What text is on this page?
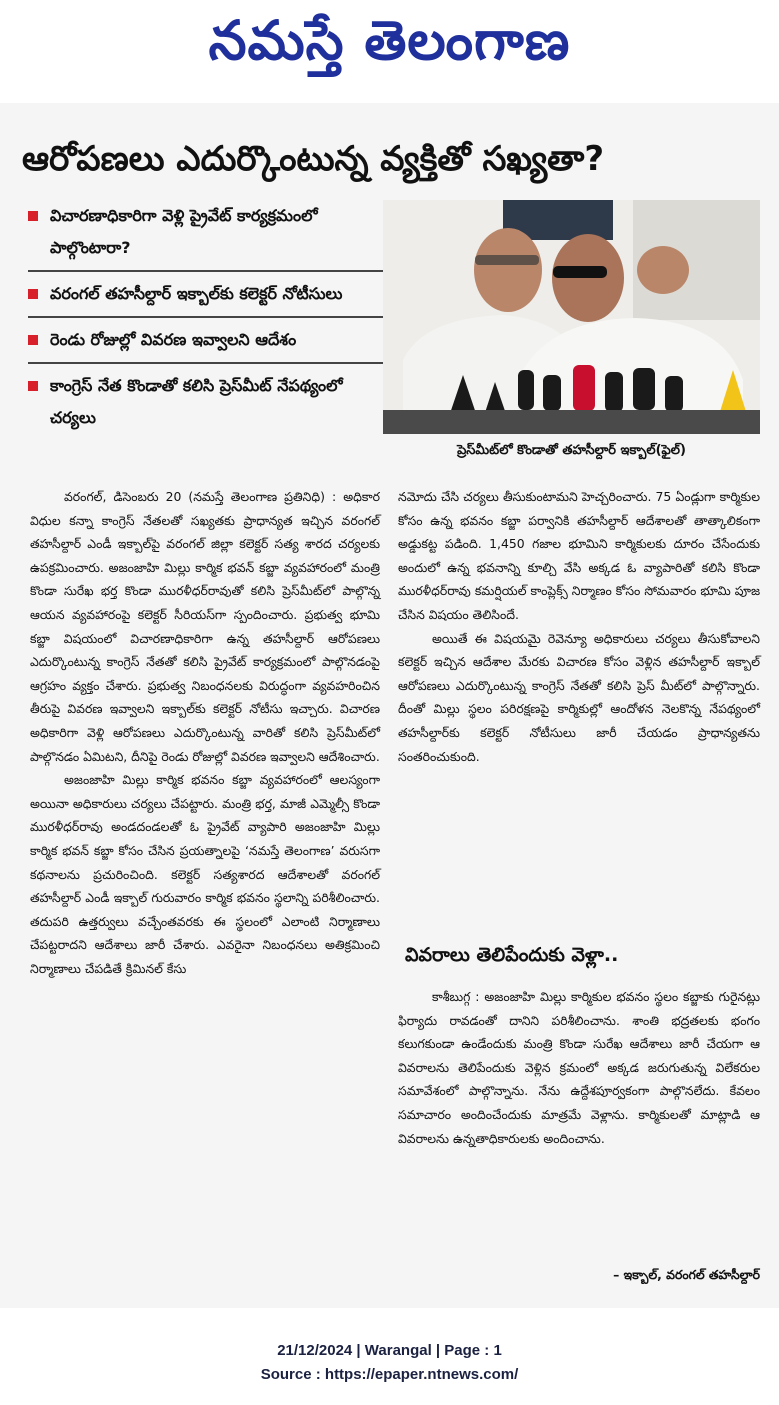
నమస్తే తెలంగాణ
ఆరోపణలు ఎదుర్కొంటున్న వ్యక్తితో సఖ్యతా?
విచారణాధికారిగా వెళ్లి ప్రైవేట్ కార్యక్రమంలో పాల్గొంటారా?
వరంగల్ తహసీల్దార్ ఇక్బాల్‌కు కలెక్టర్ నోటీసులు
రెండు రోజుల్లో వివరణ ఇవ్వాలని ఆదేశం
కాంగ్రెస్ నేత కొండాతో కలిసి ప్రెస్‌మీట్ నేపథ్యంలో చర్యలు
ప్రెస్‌మీట్‌లో కొండాతో తహసీల్దార్ ఇక్బాల్(ఫైల్)

వరంగల్, డిసెంబరు 20 (నమస్తే తెలంగాణ ప్రతినిధి) : అధికార విధుల కన్నా కాంగ్రెస్ నేతలతో సఖ్యతకు ప్రాధాన్యత ఇచ్చిన వరంగల్ తహసీల్దార్ ఎండీ ఇక్బాల్‌పై వరంగల్ జిల్లా కలెక్టర్ సత్య శారద చర్యలకు ఉపక్రమించారు. అజంజాహి మిల్లు కార్మిక భవన్ కబ్జా వ్యవహారంలో మంత్రి కొండా సురేఖ భర్త కొండా మురళీధర్‌రావుతో కలిసి ప్రెస్‌మీట్‌లో పాల్గొన్న ఆయన వ్యవహారంపై కలెక్టర్ సీరియస్‌గా స్పందించారు. ప్రభుత్వ భూమి కబ్జా విషయంలో విచారణాధికారిగా ఉన్న తహసీల్దార్ ఆరోపణలు ఎదుర్కొంటున్న కాంగ్రెస్ నేతతో కలిసి ప్రైవేట్ కార్యక్రమంలో పాల్గొనడంపై ఆగ్రహం వ్యక్తం చేశారు. ప్రభుత్వ నిబంధనలకు విరుద్ధంగా వ్యవహరించిన తీరుపై వివరణ ఇవ్వాలని ఇక్బాల్‌కు కలెక్టర్ నోటీసు ఇచ్చారు. విచారణ అధికారిగా వెళ్లి ఆరోపణలు ఎదుర్కొంటున్న వారితో కలిసి ప్రెస్‌మీట్‌లో పాల్గొనడం ఏమిటని, దీనిపై రెండు రోజుల్లో వివరణ ఇవ్వాలని ఆదేశించారు.

అజంజాహి మిల్లు కార్మిక భవనం కబ్జా వ్యవహారంలో ఆలస్యంగా అయినా అధికారులు చర్యలు చేపట్టారు. మంత్రి భర్త, మాజీ ఎమ్మెల్సీ కొండా మురళీధర్‌రావు అండదండలతో ఓ ప్రైవేట్ వ్యాపారి అజంజాహి మిల్లు కార్మిక భవన్ కబ్జా కోసం చేసిన ప్రయత్నాలపై ‘నమస్తే తెలంగాణ’ వరుసగా కథనాలను ప్రచురించింది. కలెక్టర్ సత్యశారద ఆదేశాలతో వరంగల్ తహసీల్దార్ ఎండీ ఇక్బాల్ గురువారం కార్మిక భవనం స్థలాన్ని పరిశీలించారు. తదుపరి ఉత్తర్వులు వచ్చేంతవరకు ఈ స్థలంలో ఎలాంటి నిర్మాణాలు చేపట్టరాదని ఆదేశాలు జారీ చేశారు. ఎవరైనా నిబంధనలు అతిక్రమించి నిర్మాణాలు చేపడితే క్రిమినల్ కేసు

నమోదు చేసి చర్యలు తీసుకుంటామని హెచ్చరించారు. 75 ఏండ్లుగా కార్మికుల కోసం ఉన్న భవనం కబ్జా పర్వానికి తహసీల్దార్ ఆదేశాలతో తాత్కాలికంగా అడ్డుకట్ట పడింది. 1,450 గజాల భూమిని కార్మికులకు దూరం చేసేందుకు అందులో ఉన్న భవనాన్ని కూల్చి వేసి అక్కడ ఓ వ్యాపారితో కలిసి కొండా మురళీధర్‌రావు కమర్షియల్ కాంప్లెక్స్ నిర్మాణం కోసం సోమవారం భూమి పూజ చేసిన విషయం తెలిసిందే.

అయితే ఈ విషయమై రెవెన్యూ అధికారులు చర్యలు తీసుకోవాలని కలెక్టర్ ఇచ్చిన ఆదేశాల మేరకు విచారణ కోసం వెళ్లిన తహసీల్దార్ ఇక్బాల్ ఆరోపణలు ఎదుర్కొంటున్న కాంగ్రెస్ నేతతో కలిసి ప్రెస్ మీట్‌లో పాల్గొన్నారు. దీంతో మిల్లు స్థలం పరిరక్షణపై కార్మికుల్లో ఆందోళన నెలకొన్న నేపథ్యంలో తహసీల్దార్‌కు కలెక్టర్ నోటీసులు జారీ చేయడం ప్రాధాన్యతను సంతరించుకుంది.

వివరాలు తెలిపేందుకు వెళ్లా..

కాశీబుగ్గ : అజంజాహి మిల్లు కార్మికుల భవనం స్థలం కబ్జాకు గురైనట్లు ఫిర్యాదు రావడంతో దానిని పరిశీలించాను. శాంతి భద్రతలకు భంగం కలుగకుండా ఉండేందుకు మంత్రి కొండా సురేఖ ఆదేశాలు జారీ చేయగా ఆ వివరాలను తెలిపేందుకు వెళ్లిన క్రమంలో అక్కడ జరుగుతున్న విలేకరుల సమావేశంలో పాల్గొన్నాను. నేను ఉద్దేశపూర్వకంగా పాల్గొనలేదు. కేవలం సమాచారం అందించేందుకు మాత్రమే వెళ్లాను. కార్మికులతో మాట్లాడి ఆ వివరాలను ఉన్నతాధికారులకు అందించాను.

– ఇక్బాల్, వరంగల్ తహసీల్దార్
21/12/2024 | Warangal | Page : 1
Source : https://epaper.ntnews.com/
